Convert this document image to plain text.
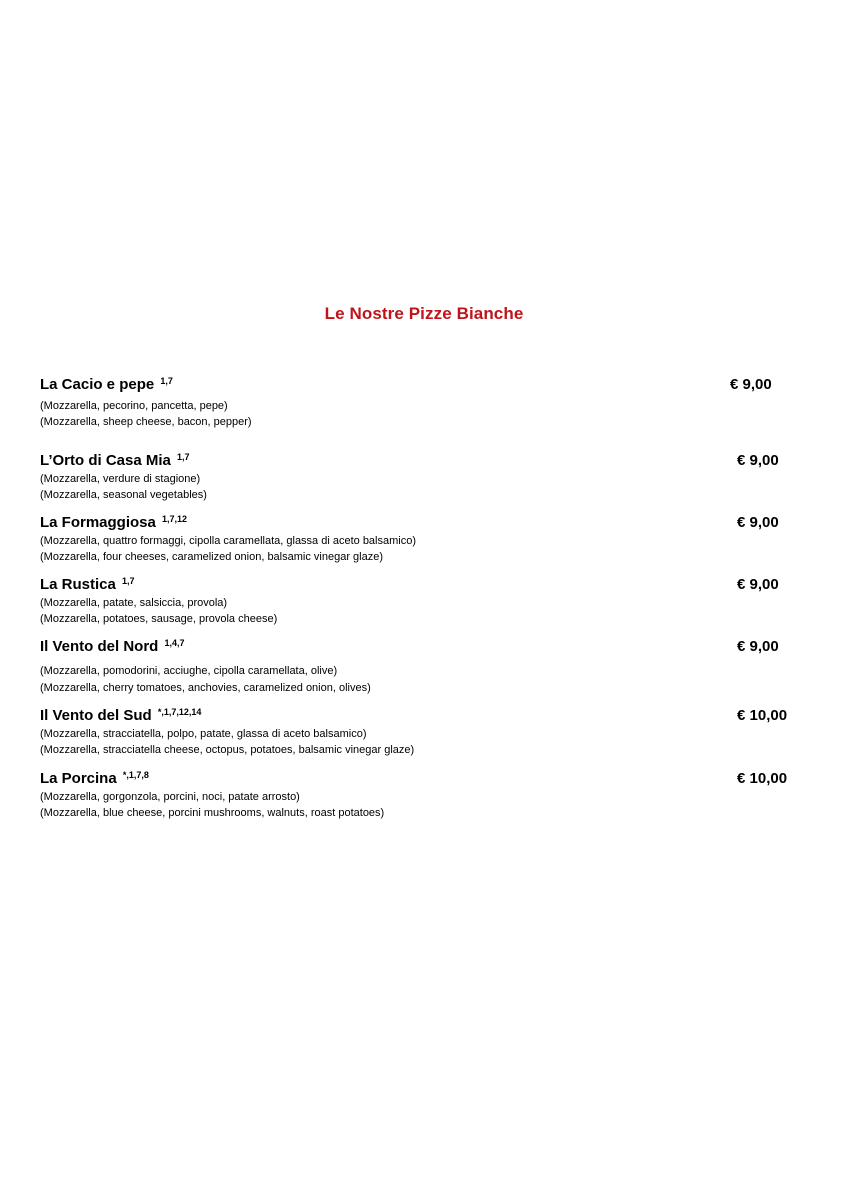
Le Nostre Pizze Bianche
La Cacio e pepe $^{1,7}$	€ 9,00
(Mozzarella, pecorino, pancetta, pepe)
(Mozzarella, sheep cheese, bacon, pepper)
L’Orto di Casa Mia $^{1,7}$	€ 9,00
(Mozzarella, verdure di stagione)
(Mozzarella, seasonal vegetables)
La Formaggiosa $^{1,7,12}$	€ 9,00
(Mozzarella, quattro formaggi, cipolla caramellata, glassa di aceto balsamico)
(Mozzarella, four cheeses, caramelized onion, balsamic vinegar glaze)
La Rustica $^{1,7}$	€ 9,00
(Mozzarella, patate, salsiccia, provola)
(Mozzarella, potatoes, sausage, provola cheese)
Il Vento del Nord $^{1,4,7}$	€ 9,00
(Mozzarella, pomodorini, acciughe, cipolla caramellata, olive)
(Mozzarella, cherry tomatoes, anchovies, caramelized onion, olives)
Il Vento del Sud $^{*,1,7,12,14}$	€ 10,00
(Mozzarella, stracciatella, polpo, patate, glassa di aceto balsamico)
(Mozzarella, stracciatella cheese, octopus, potatoes, balsamic vinegar glaze)
La Porcina $^{*,1,7,8}$	€ 10,00
(Mozzarella, gorgonzola, porcini, noci, patate arrosto)
(Mozzarella, blue cheese, porcini mushrooms, walnuts, roast potatoes)
